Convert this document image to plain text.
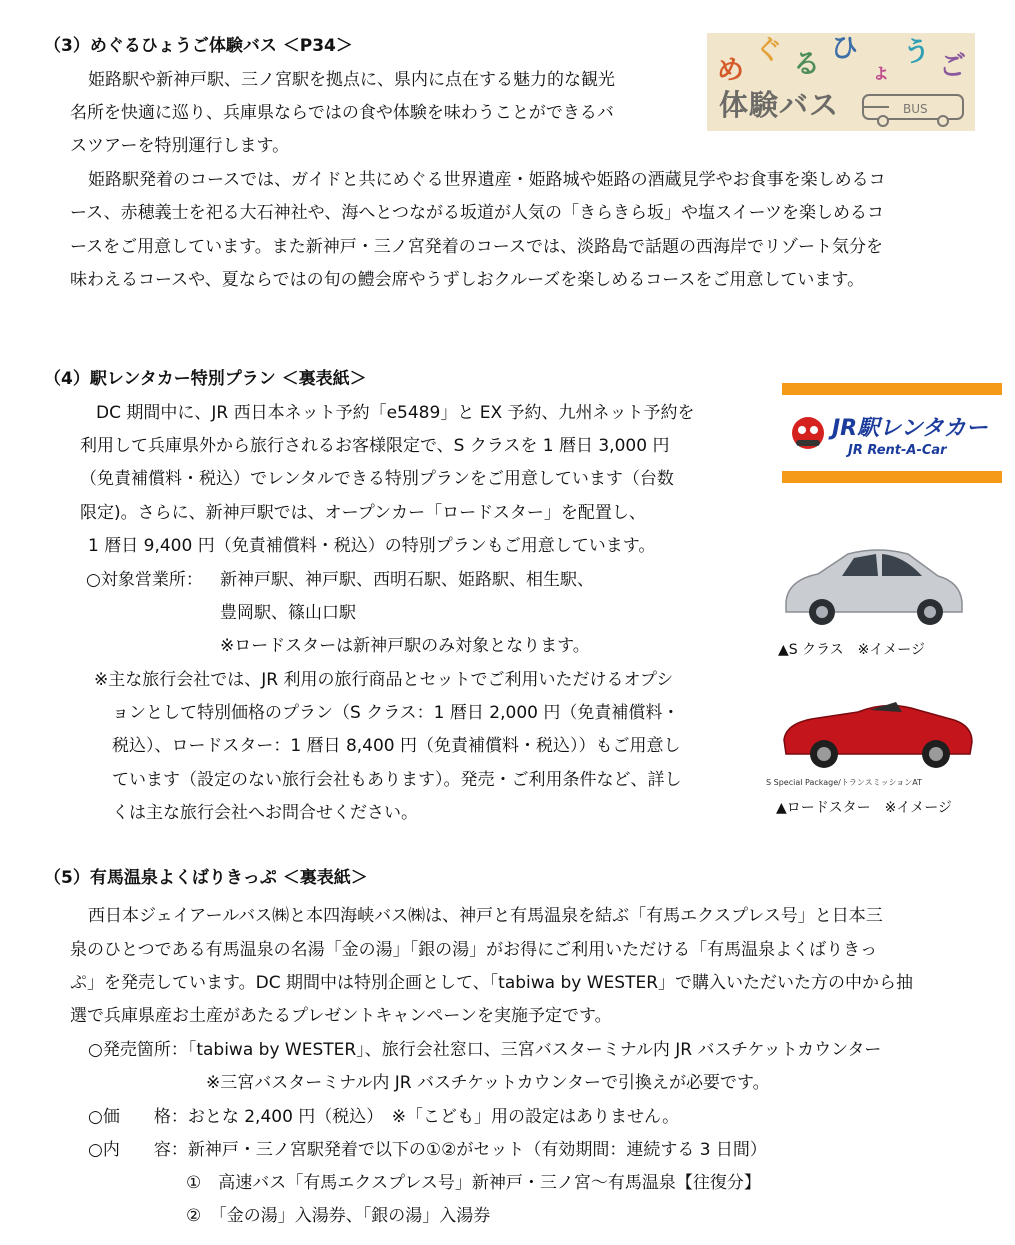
（3）めぐるひょうご体験バス ＜P34＞
姫路駅や新神戸駅、三ノ宮駅を拠点に、県内に点在する魅力的な観光
名所を快適に巡り、兵庫県ならではの食や体験を味わうことができるバ
スツアーを特別運行します。
姫路駅発着のコースでは、ガイドと共にめぐる世界遺産・姫路城や姫路の酒蔵見学やお食事を楽しめるコ
ース、赤穂義士を祀る大石神社や、海へとつながる坂道が人気の「きらきら坂」や塩スイーツを楽しめるコ
ースをご用意しています。また新神戸・三ノ宮発着のコースでは、淡路島で話題の西海岸でリゾート気分を
味わえるコースや、夏ならではの旬の鱧会席やうずしおクルーズを楽しめるコースをご用意しています。
め
ぐ る
ひ
ょ
う ご
体験バス	BUS
（4）駅レンタカー特別プラン ＜裏表紙＞
DC 期間中に、JR 西日本ネット予約「e5489」と EX 予約、九州ネット予約を
利用して兵庫県外から旅行されるお客様限定で、S クラスを 1 暦日 3,000 円
（免責補償料・税込）でレンタルできる特別プランをご用意しています（台数
限定)。さらに、新神戸駅では、オープンカー「ロードスター」を配置し、
1 暦日 9,400 円（免責補償料・税込）の特別プランもご用意しています。
○対象営業所： 新神戸駅、神戸駅、西明石駅、姫路駅、相生駅、
豊岡駅、篠山口駅
※ロードスターは新神戸駅のみ対象となります。
※主な旅行会社では、JR 利用の旅行商品とセットでご利用いただけるオプシ
ョンとして特別価格のプラン（S クラス：1 暦日 2,000 円（免責補償料・
税込）、ロードスター：1 暦日 8,400 円（免責補償料・税込））もご用意し
ています（設定のない旅行会社もあります）。発売・ご利用条件など、詳し
くは主な旅行会社へお問合せください。
JR駅レンタカー
JR Rent-A-Car
▲S クラス　※イメージ
S Special Package/トランスミッションAT
▲ロードスター　※イメージ
（5）有馬温泉よくばりきっぷ ＜裏表紙＞
西日本ジェイアールバス㈱と本四海峡バス㈱は、神戸と有馬温泉を結ぶ「有馬エクスプレス号」と日本三
泉のひとつである有馬温泉の名湯「金の湯」「銀の湯」がお得にご利用いただける「有馬温泉よくばりきっ
ぷ」を発売しています。DC 期間中は特別企画として、「tabiwa by WESTER」で購入いただいた方の中から抽
選で兵庫県産お土産があたるプレゼントキャンペーンを実施予定です。
○発売箇所：「tabiwa by WESTER」、旅行会社窓口、三宮バスターミナル内 JR バスチケットカウンター
※三宮バスターミナル内 JR バスチケットカウンターで引換えが必要です。
○価　　格：おとな 2,400 円（税込）　※「こども」用の設定はありません。
○内　　容：新神戸・三ノ宮駅発着で以下の①②がセット（有効期間：連続する 3 日間）
①　高速バス「有馬エクスプレス号」新神戸・三ノ宮～有馬温泉【往復分】
②　「金の湯」入湯券、「銀の湯」入湯券
